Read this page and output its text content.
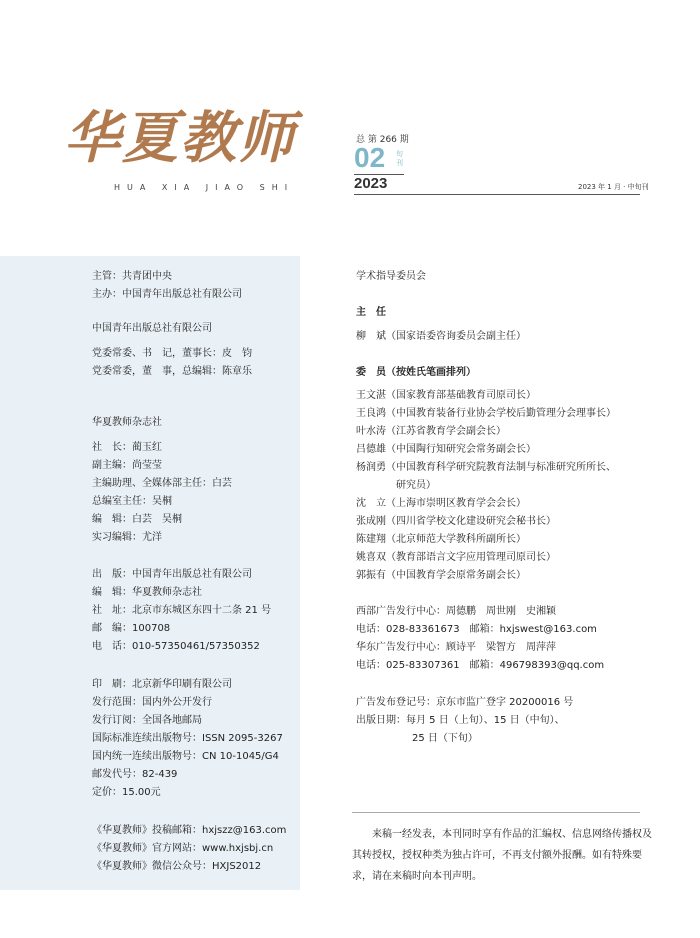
华夏教师
HUA XIA JIAO SHI
总 第 266 期
02 旬刊
2023	2023 年 1 月 · 中旬刊
主管：共青团中央
主办：中国青年出版总社有限公司
中国青年出版总社有限公司
党委常委、书　记，董事长：皮　钧
党委常委，董　事，总编辑：陈章乐
华夏教师杂志社
社　长：蔺玉红
副主编：尚莹莹
主编助理、全媒体部主任：白芸
总编室主任：吴桐
编　辑：白芸　吴桐
实习编辑：尤洋
出　版：中国青年出版总社有限公司
编　辑：华夏教师杂志社
社　址：北京市东城区东四十二条 21 号
邮　编：100708
电　话：010-57350461/57350352
印　刷：北京新华印刷有限公司
发行范围：国内外公开发行
发行订阅：全国各地邮局
国际标准连续出版物号：ISSN 2095-3267
国内统一连续出版物号：CN 10-1045/G4
邮发代号：82-439
定价：15.00元
《华夏教师》投稿邮箱：hxjszz@163.com
《华夏教师》官方网站：www.hxjsbj.cn
《华夏教师》微信公众号：HXJS2012
学术指导委员会
主　任
柳　斌（国家语委咨询委员会副主任）
委　员（按姓氏笔画排列）
王文湛（国家教育部基础教育司原司长）
王良鸿（中国教育装备行业协会学校后勤管理分会理事长）
叶水涛（江苏省教育学会副会长）
吕德雄（中国陶行知研究会常务副会长）
杨润勇（中国教育科学研究院教育法制与标准研究所所长、
　　　　研究员）
沈　立（上海市崇明区教育学会会长）
张成刚（四川省学校文化建设研究会秘书长）
陈建翔（北京师范大学教科所副所长）
姚喜双（教育部语言文字应用管理司原司长）
郭振有（中国教育学会原常务副会长）
西部广告发行中心：周德鹏　周世刚　史湘颖
电话：028-83361673　邮箱：hxjswest@163.com
华东广告发行中心：顾诗平　梁智方　周萍萍
电话：025-83307361　邮箱：496798393@qq.com
广告发布登记号：京东市监广登字 20200016 号
出版日期：每月 5 日（上旬）、15 日（中旬）、
25 日（下旬）
来稿一经发表，本刊同时享有作品的汇编权、信息网络传播权及其转授权，授权种类为独占许可，不再支付额外报酬。如有特殊要求，请在来稿时向本刊声明。
